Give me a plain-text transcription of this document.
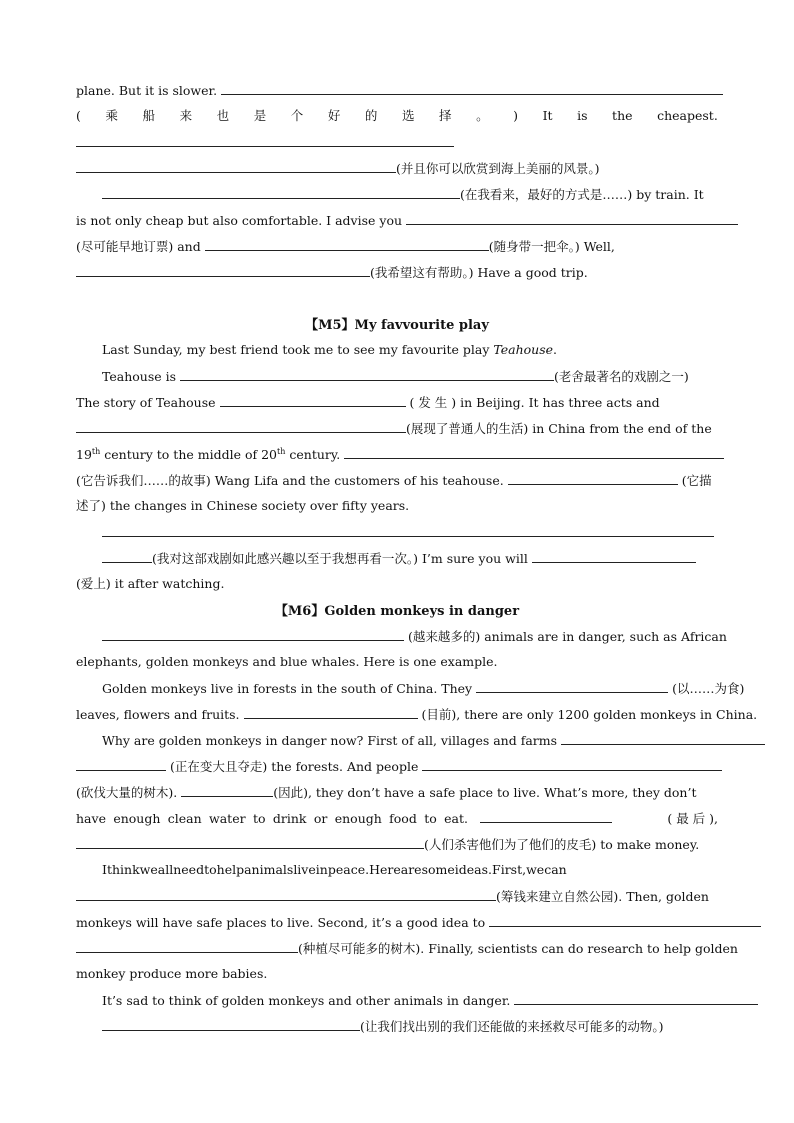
plane. But it is slower.
( 乘 船 来 也 是 个 好 的 选 择 。 ) It is the cheapest.
(并且你可以欣赏到海上美丽的风景。)
(在我看来，最好的方式是……) by train. It
is not only cheap but also comfortable. I advise you
(尽可能早地订票) and	(随身带一把伞。) Well,
(我希望这有帮助。) Have a good trip.
【M5】My favvourite play
Last Sunday, my best friend took me to see my favourite play Teahouse.
Teahouse is	(老舍最著名的戏剧之一)
The story of Teahouse	( 发 生 ) in Beijing. It has three acts and
(展现了普通人的生活) in China from the end of the
19th century to the middle of 20th century.
(它告诉我们……的故事) Wang Lifa and the customers of his teahouse.	(它描
述了) the changes in Chinese society over fifty years.
(我对这部戏剧如此感兴趣以至于我想再看一次。) I’m sure you will
(爱上) it after watching.
【M6】Golden monkeys in danger
(越来越多的) animals are in danger, such as African
elephants, golden monkeys and blue whales. Here is one example.
Golden monkeys live in forests in the south of China. They	(以……为食)
leaves, flowers and fruits.	(目前), there are only 1200 golden monkeys in China.
Why are golden monkeys in danger now? First of all, villages and farms
(正在变大且夺走) the forests. And people
(砍伐大量的树木).	(因此), they don’t have a safe place to live. What’s more, they don’t
have enough clean water to drink or enough food to eat.	( 最 后 ),
(人们杀害他们为了他们的皮毛) to make money.
Ithinkweallneedtohelpanimalsliveinpeace.Herearesomeideas.First,wecan
(筹钱来建立自然公园). Then, golden
monkeys will have safe places to live. Second, it’s a good idea to
(种植尽可能多的树木). Finally, scientists can do research to help golden
monkey produce more babies.
It’s sad to think of golden monkeys and other animals in danger.
(让我们找出别的我们还能做的来拯救尽可能多的动物。)
